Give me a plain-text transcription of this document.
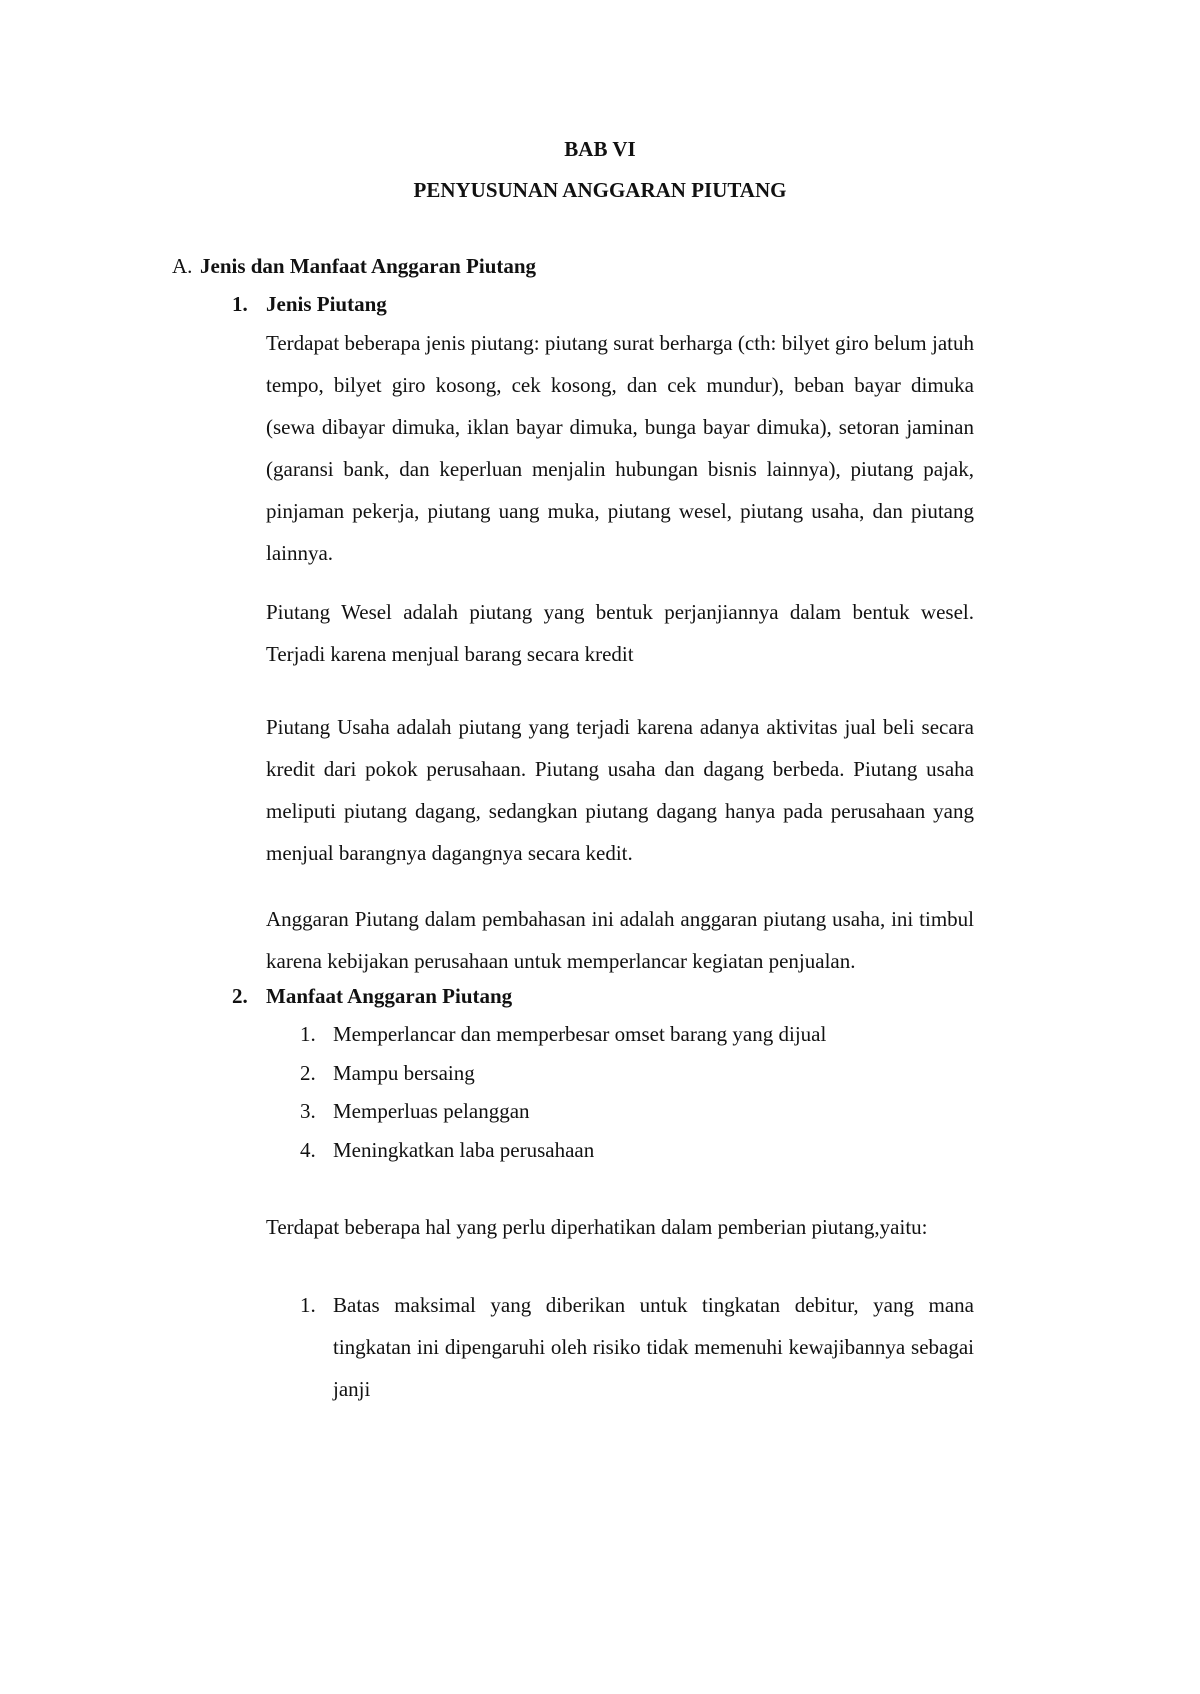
BAB VI
PENYUSUNAN ANGGARAN PIUTANG
A. Jenis dan Manfaat Anggaran Piutang
1. Jenis Piutang
Terdapat beberapa jenis piutang: piutang surat berharga (cth: bilyet giro belum jatuh tempo, bilyet giro kosong, cek kosong, dan cek mundur), beban bayar dimuka (sewa dibayar dimuka, iklan bayar dimuka, bunga bayar dimuka), setoran jaminan (garansi bank, dan keperluan menjalin hubungan bisnis lainnya), piutang pajak, pinjaman pekerja, piutang uang muka, piutang wesel, piutang usaha, dan piutang lainnya.
Piutang Wesel adalah piutang yang bentuk perjanjiannya dalam bentuk wesel. Terjadi karena menjual barang secara kredit
Piutang Usaha adalah piutang yang terjadi karena adanya aktivitas jual beli secara kredit dari pokok perusahaan. Piutang usaha dan dagang berbeda. Piutang usaha meliputi piutang dagang, sedangkan piutang dagang hanya pada perusahaan yang menjual barangnya dagangnya secara kedit.
Anggaran Piutang dalam pembahasan ini adalah anggaran piutang usaha, ini timbul karena kebijakan perusahaan untuk memperlancar kegiatan penjualan.
2. Manfaat Anggaran Piutang
1. Memperlancar dan memperbesar omset barang yang dijual
2. Mampu bersaing
3. Memperluas pelanggan
4. Meningkatkan laba perusahaan
Terdapat beberapa hal yang perlu diperhatikan dalam pemberian piutang,yaitu:
1. Batas maksimal yang diberikan untuk tingkatan debitur, yang mana tingkatan ini dipengaruhi oleh risiko tidak memenuhi kewajibannya sebagai janji
